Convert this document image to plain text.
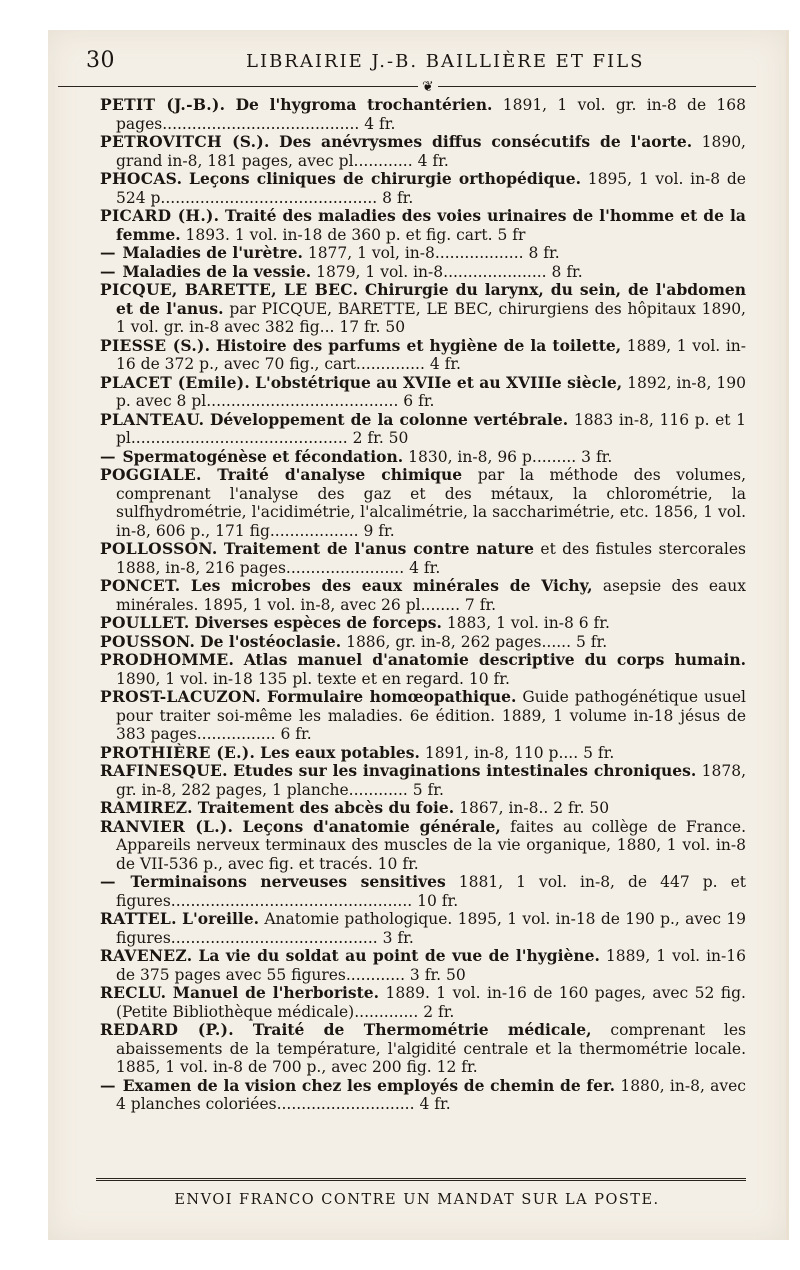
30	LIBRAIRIE J.-B. BAILLIÈRE ET FILS
❦
PETIT (J.-B.). De l'hygroma trochantérien. 1891, 1 vol. gr. in-8 de 168 pages........................................ 4 fr.
PETROVITCH (S.). Des anévrysmes diffus consécutifs de l'aorte. 1890, grand in-8, 181 pages, avec pl............ 4 fr.
PHOCAS. Leçons cliniques de chirurgie orthopédique. 1895, 1 vol. in-8 de 524 p............................................ 8 fr.
PICARD (H.). Traité des maladies des voies urinaires de l'homme et de la femme. 1893. 1 vol. in-18 de 360 p. et fig. cart. 5 fr
— Maladies de l'urètre. 1877, 1 vol, in-8.................. 8 fr.
— Maladies de la vessie. 1879, 1 vol. in-8..................... 8 fr.
PICQUE, BARETTE, LE BEC. Chirurgie du larynx, du sein, de l'abdomen et de l'anus. par PICQUE, BARETTE, LE BEC, chirurgiens des hôpitaux 1890, 1 vol. gr. in-8 avec 382 fig... 17 fr. 50
PIESSE (S.). Histoire des parfums et hygiène de la toilette, 1889, 1 vol. in-16 de 372 p., avec 70 fig., cart.............. 4 fr.
PLACET (Emile). L'obstétrique au XVIIe et au XVIIIe siècle, 1892, in-8, 190 p. avec 8 pl....................................... 6 fr.
PLANTEAU. Développement de la colonne vertébrale. 1883 in-8, 116 p. et 1 pl............................................ 2 fr. 50
— Spermatogénèse et fécondation. 1830, in-8, 96 p......... 3 fr.
POGGIALE. Traité d'analyse chimique par la méthode des volumes, comprenant l'analyse des gaz et des métaux, la chlorométrie, la sulfhydrométrie, l'acidimétrie, l'alcalimétrie, la saccharimétrie, etc. 1856, 1 vol. in-8, 606 p., 171 fig.................. 9 fr.
POLLOSSON. Traitement de l'anus contre nature et des fistules stercorales 1888, in-8, 216 pages........................ 4 fr.
PONCET. Les microbes des eaux minérales de Vichy, asepsie des eaux minérales. 1895, 1 vol. in-8, avec 26 pl........ 7 fr.
POULLET. Diverses espèces de forceps. 1883, 1 vol. in-8 6 fr.
POUSSON. De l'ostéoclasie. 1886, gr. in-8, 262 pages...... 5 fr.
PRODHOMME. Atlas manuel d'anatomie descriptive du corps humain. 1890, 1 vol. in-18 135 pl. texte et en regard. 10 fr.
PROST-LACUZON. Formulaire homœopathique. Guide pathogénétique usuel pour traiter soi-même les maladies. 6e édition. 1889, 1 volume in-18 jésus de 383 pages................ 6 fr.
PROTHIÈRE (E.). Les eaux potables. 1891, in-8, 110 p.... 5 fr.
RAFINESQUE. Etudes sur les invaginations intestinales chroniques. 1878, gr. in-8, 282 pages, 1 planche............ 5 fr.
RAMIREZ. Traitement des abcès du foie. 1867, in-8.. 2 fr. 50
RANVIER (L.). Leçons d'anatomie générale, faites au collège de France. Appareils nerveux terminaux des muscles de la vie organique, 1880, 1 vol. in-8 de VII-536 p., avec fig. et tracés. 10 fr.
— Terminaisons nerveuses sensitives 1881, 1 vol. in-8, de 447 p. et figures................................................. 10 fr.
RATTEL. L'oreille. Anatomie pathologique. 1895, 1 vol. in-18 de 190 p., avec 19 figures.......................................... 3 fr.
RAVENEZ. La vie du soldat au point de vue de l'hygiène. 1889, 1 vol. in-16 de 375 pages avec 55 figures............ 3 fr. 50
RECLU. Manuel de l'herboriste. 1889. 1 vol. in-16 de 160 pages, avec 52 fig. (Petite Bibliothèque médicale)............. 2 fr.
REDARD (P.). Traité de Thermométrie médicale, comprenant les abaissements de la température, l'algidité centrale et la thermométrie locale. 1885, 1 vol. in-8 de 700 p., avec 200 fig. 12 fr.
— Examen de la vision chez les employés de chemin de fer. 1880, in-8, avec 4 planches coloriées............................ 4 fr.
ENVOI FRANCO CONTRE UN MANDAT SUR LA POSTE.
